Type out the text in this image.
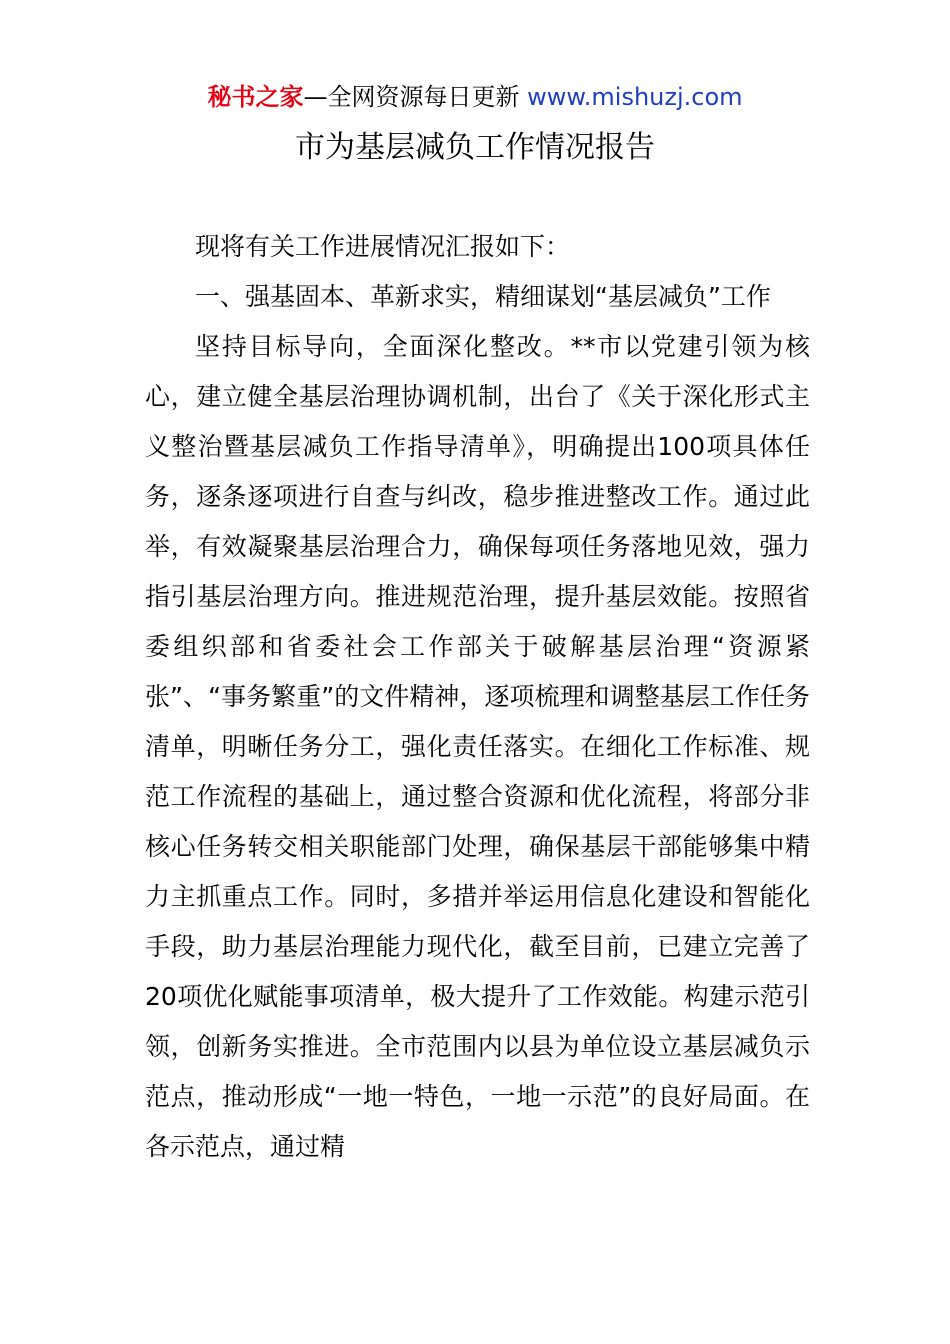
秘书之家—全网资源每日更新 www.mishuzj.com
市为基层减负工作情况报告

现将有关工作进展情况汇报如下：

一、强基固本、革新求实，精细谋划“基层减负”工作

坚持目标导向，全面深化整改。**市以党建引领为核心，建立健全基层治理协调机制，出台了《关于深化形式主义整治暨基层减负工作指导清单》，明确提出100项具体任务，逐条逐项进行自查与纠改，稳步推进整改工作。通过此举，有效凝聚基层治理合力，确保每项任务落地见效，强力指引基层治理方向。推进规范治理，提升基层效能。按照省委组织部和省委社会工作部关于破解基层治理“资源紧张”、“事务繁重”的文件精神，逐项梳理和调整基层工作任务清单，明晰任务分工，强化责任落实。在细化工作标准、规范工作流程的基础上，通过整合资源和优化流程，将部分非核心任务转交相关职能部门处理，确保基层干部能够集中精力主抓重点工作。同时，多措并举运用信息化建设和智能化手段，助力基层治理能力现代化，截至目前，已建立完善了20项优化赋能事项清单，极大提升了工作效能。构建示范引领，创新务实推进。全市范围内以县为单位设立基层减负示范点，推动形成“一地一特色，一地一示范”的良好局面。在各示范点，通过精
